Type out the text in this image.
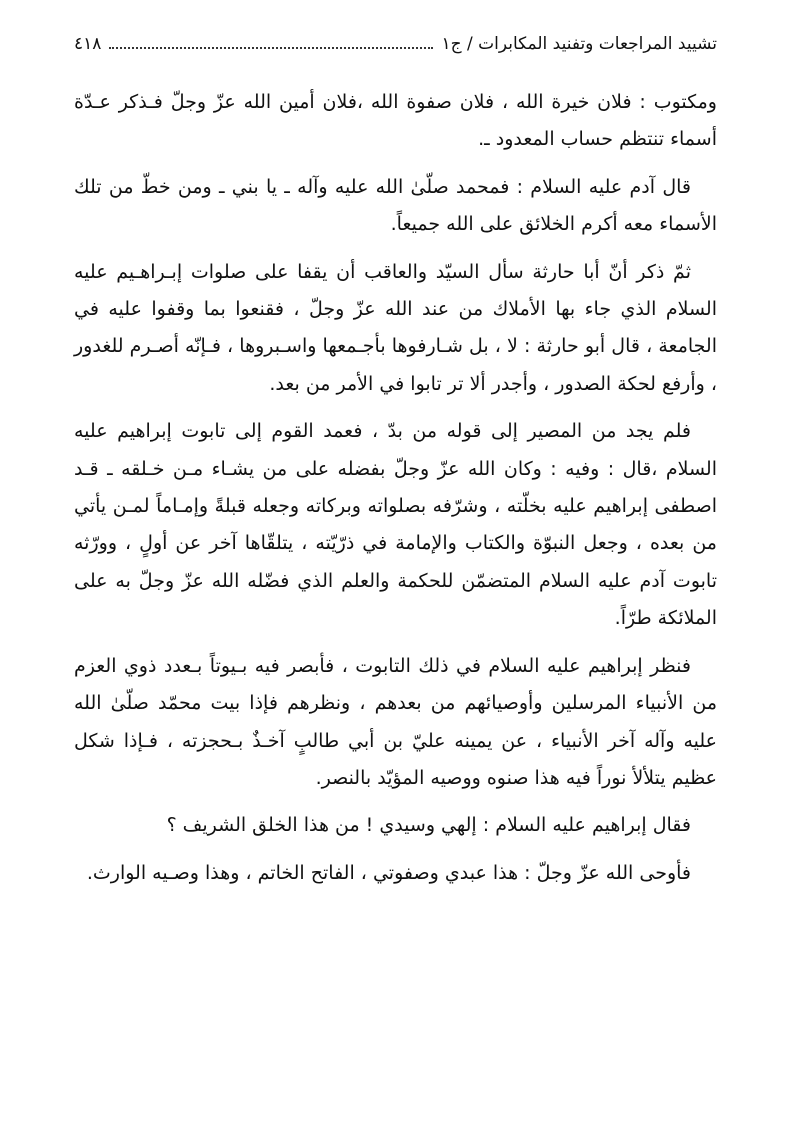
تشييد المراجعات وتفنيد المكابرات / ج١
٤١٨

ومكتوب : فلان خيرة الله ، فلان صفوة الله ،فلان أمين الله عزّ وجلّ فـذكر عـدّة أسماء تنتظم حساب المعدود ـ.

قال آدم عليه السلام : فمحمد صلّىٰ الله عليه وآله ـ يا بني ـ ومن خطّ من تلك الأسماء معه أكرم الخلائق على الله جميعاً.

ثمّ ذكر أنّ أبا حارثة سأل السيّد والعاقب أن يقفا على صلوات إبـراهـيم عليه السلام الذي جاء بها الأملاك من عند الله عزّ وجلّ ، فقنعوا بما وقفوا عليه في الجامعة ، قال أبو حارثة : لا ، بل شـارفوها بأجـمعها واسـبروها ، فـإنّه أصـرم للغدور ، وأرفع لحكة الصدور ، وأجدر ألا تر تابوا في الأمر من بعد.

فلم يجد من المصير إلى قوله من بدّ ، فعمد القوم إلى تابوت إبراهيم عليه السلام ،قال : وفيه : وكان الله عزّ وجلّ بفضله على من يشـاء مـن خـلقه ـ قـد اصطفى إبراهيم عليه بخلّته ، وشرّفه بصلواته وبركاته وجعله قبلةً وإمـاماً لمـن يأتي من بعده ، وجعل النبوّة والكتاب والإمامة في ذرّيّته ، يتلقّاها آخر عن أولٍ ، وورّثه تابوت آدم عليه السلام المتضمّن للحكمة والعلم الذي فضّله الله عزّ وجلّ به على الملائكة طرّاً.

فنظر إبراهيم عليه السلام في ذلك التابوت ، فأبصر فيه بـيوتاً بـعدد ذوي العزم من الأنبياء المرسلين وأوصيائهم من بعدهم ، ونظرهم فإذا بيت محمّد صلّىٰ الله عليه وآله آخر الأنبياء ، عن يمينه عليّ بن أبي طالبٍ آخـذٌ بـحجزته ، فـإذا شكل عظيم يتلألأ نوراً فيه هذا صنوه ووصيه المؤيّد بالنصر.

فقال إبراهيم عليه السلام : إلهي وسيدي ! من هذا الخلق الشريف ؟

فأوحى الله عزّ وجلّ : هذا عبدي وصفوتي ، الفاتح الخاتم ، وهذا وصـيه الوارث.
